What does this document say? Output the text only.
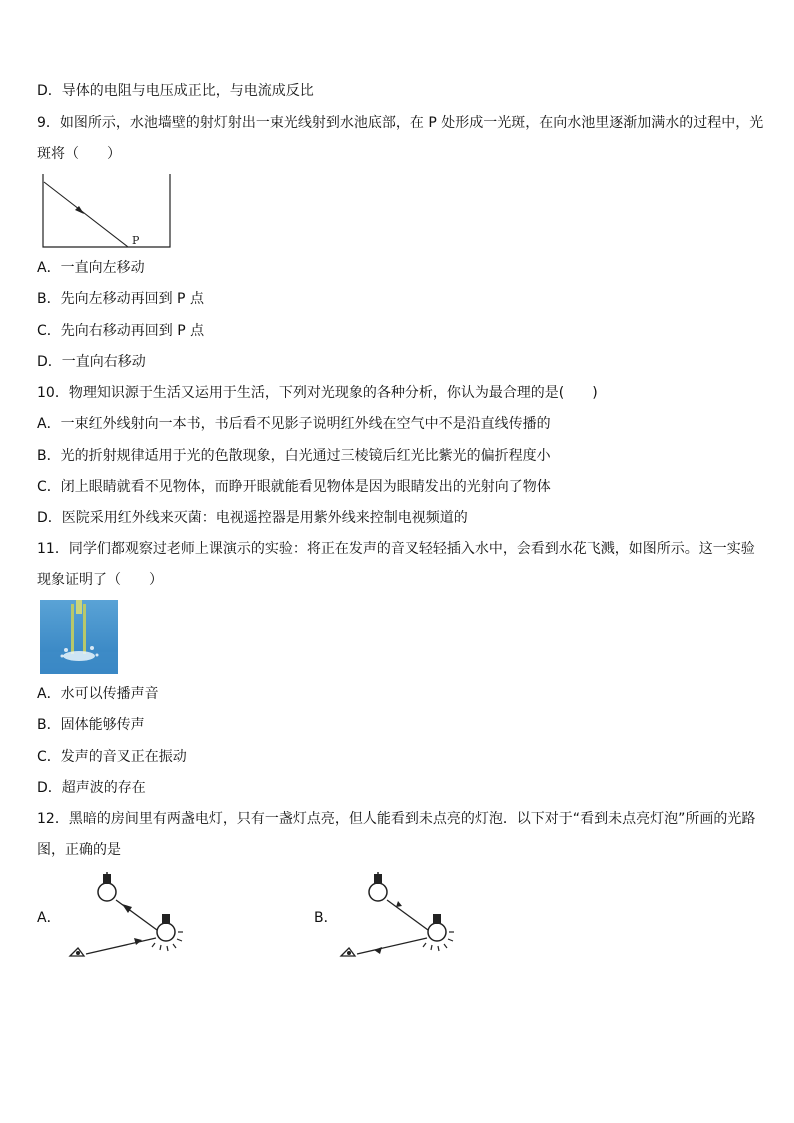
D．导体的电阻与电压成正比，与电流成反比
9．如图所示，水池墙壁的射灯射出一束光线射到水池底部，在 P 处形成一光斑，在向水池里逐渐加满水的过程中，光
斑将（　　）
P
A．一直向左移动
B．先向左移动再回到 P 点
C．先向右移动再回到 P 点
D．一直向右移动
10．物理知识源于生活又运用于生活，下列对光现象的各种分析，你认为最合理的是(　　)
A．一束红外线射向一本书，书后看不见影子说明红外线在空气中不是沿直线传播的
B．光的折射规律适用于光的色散现象，白光通过三棱镜后红光比紫光的偏折程度小
C．闭上眼睛就看不见物体，而睁开眼就能看见物体是因为眼睛发出的光射向了物体
D．医院采用红外线来灭菌：电视遥控器是用紫外线来控制电视频道的
11．同学们都观察过老师上课演示的实验：将正在发声的音叉轻轻插入水中，会看到水花飞溅，如图所示。这一实验
现象证明了（　　）
A．水可以传播声音
B．固体能够传声
C．发声的音叉正在振动
D．超声波的存在
12．黑暗的房间里有两盏电灯，只有一盏灯点亮，但人能看到未点亮的灯泡．以下对于“看到未点亮灯泡”所画的光路
图，正确的是
A．	B．
